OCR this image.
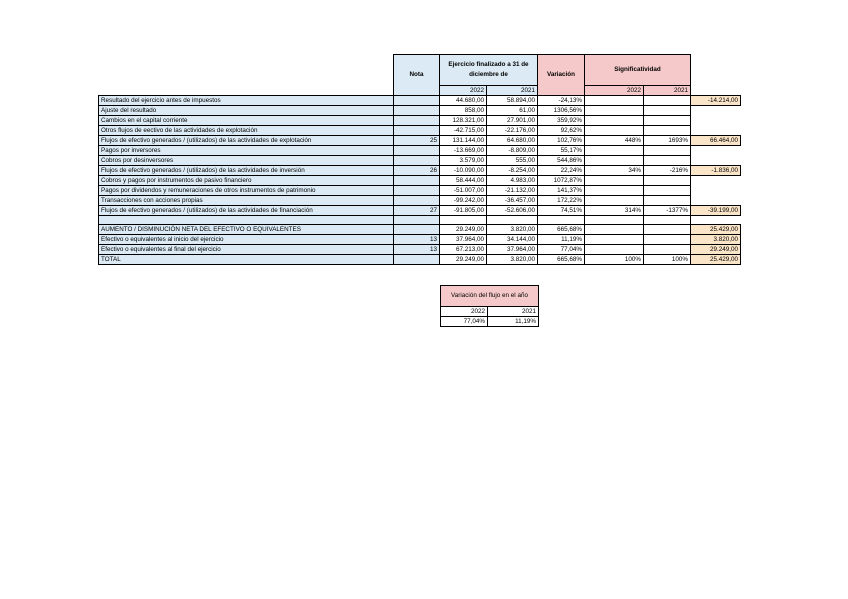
	Nota	Ejercicio finalizado a 31 de diciembre de		Variación	Significatividad		
		2022	2021		2022	2021	
Resultado del ejercicio antes de impuestos		44.680,00	58.894,00	-24,13%			-14.214,00
Ajuste del resultado		858,00	61,00	1306,56%			
Cambios en el capital corriente		128.321,00	27.901,00	359,92%			
Otros flujos de eectivo de las actividades de explotación		-42.715,00	-22.176,00	92,62%			
Flujos de efectivo generados / (utilizados) de las actividades de explotación	25	131.144,00	64.680,00	102,76%	448%	1693%	66.464,00
Pagos por inversores		-13.669,00	-8.809,00	55,17%			
Cobros por desinversores		3.579,00	555,00	544,86%			
Flujos de efectivo generados / (utilizados) de las actividades de inversión	26	-10.090,00	-8.254,00	22,24%	34%	-216%	-1.836,00
Cobros y pagos por instrumentos de pasivo financiero		58.444,00	4.983,00	1072,87%			
Pagos por dividendos y remuneraciones de otros instrumentos de patrimonio		-51.007,00	-21.132,00	141,37%			
Transacciones con acciones propias		-99.242,00	-36.457,00	172,22%			
Flujos de efectivo generados / (utilizados) de las actividades de financiación	27	-91.805,00	-52.606,00	74,51%	314%	-1377%	-39.199,00

AUMENTO / DISMINUCIÓN NETA DEL EFECTIVO O EQUIVALENTES		29.249,00	3.820,00	665,68%			25.429,00
Efectivo o equivalentes al inicio del ejercicio	13	37.964,00	34.144,00	11,19%			3.820,00
Efectivo o equivalentes al final del ejercicio	13	67.213,00	37.964,00	77,04%			29.249,00
TOTAL		29.249,00	3.820,00	665,68%	100%	100%	25.429,00
Variación del flujo en el año	
2022	2021
77,04%	11,19%
